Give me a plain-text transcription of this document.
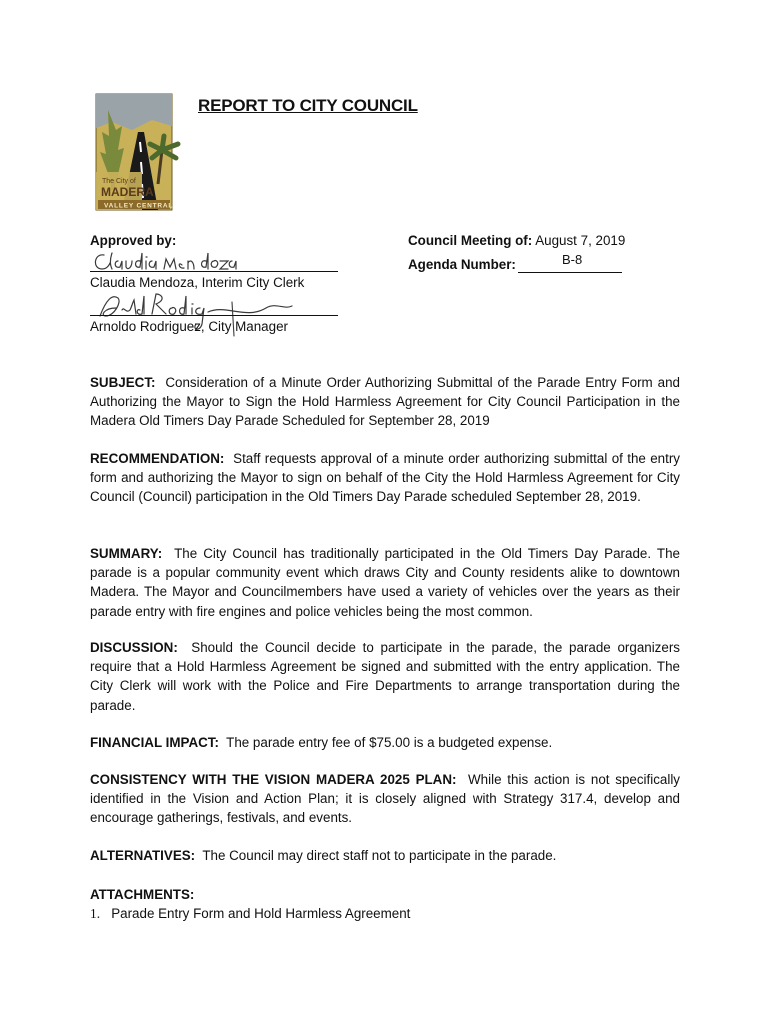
The City of
MADERA
VALLEY CENTRAL
REPORT TO CITY COUNCIL
Approved by:
Claudia Mendoza, Interim City Clerk
Arnoldo Rodriguez, City Manager
Council Meeting of: August 7, 2019
Agenda Number:	B-8

SUBJECT: Consideration of a Minute Order Authorizing Submittal of the Parade Entry Form and Authorizing the Mayor to Sign the Hold Harmless Agreement for City Council Participation in the Madera Old Timers Day Parade Scheduled for September 28, 2019

RECOMMENDATION: Staff requests approval of a minute order authorizing submittal of the entry form and authorizing the Mayor to sign on behalf of the City the Hold Harmless Agreement for City Council (Council) participation in the Old Timers Day Parade scheduled September 28, 2019.

SUMMARY: The City Council has traditionally participated in the Old Timers Day Parade. The parade is a popular community event which draws City and County residents alike to downtown Madera. The Mayor and Councilmembers have used a variety of vehicles over the years as their parade entry with fire engines and police vehicles being the most common.

DISCUSSION: Should the Council decide to participate in the parade, the parade organizers require that a Hold Harmless Agreement be signed and submitted with the entry application. The City Clerk will work with the Police and Fire Departments to arrange transportation during the parade.

FINANCIAL IMPACT: The parade entry fee of $75.00 is a budgeted expense.

CONSISTENCY WITH THE VISION MADERA 2025 PLAN: While this action is not specifically identified in the Vision and Action Plan; it is closely aligned with Strategy 317.4, develop and encourage gatherings, festivals, and events.

ALTERNATIVES: The Council may direct staff not to participate in the parade.

ATTACHMENTS:

1. Parade Entry Form and Hold Harmless Agreement
